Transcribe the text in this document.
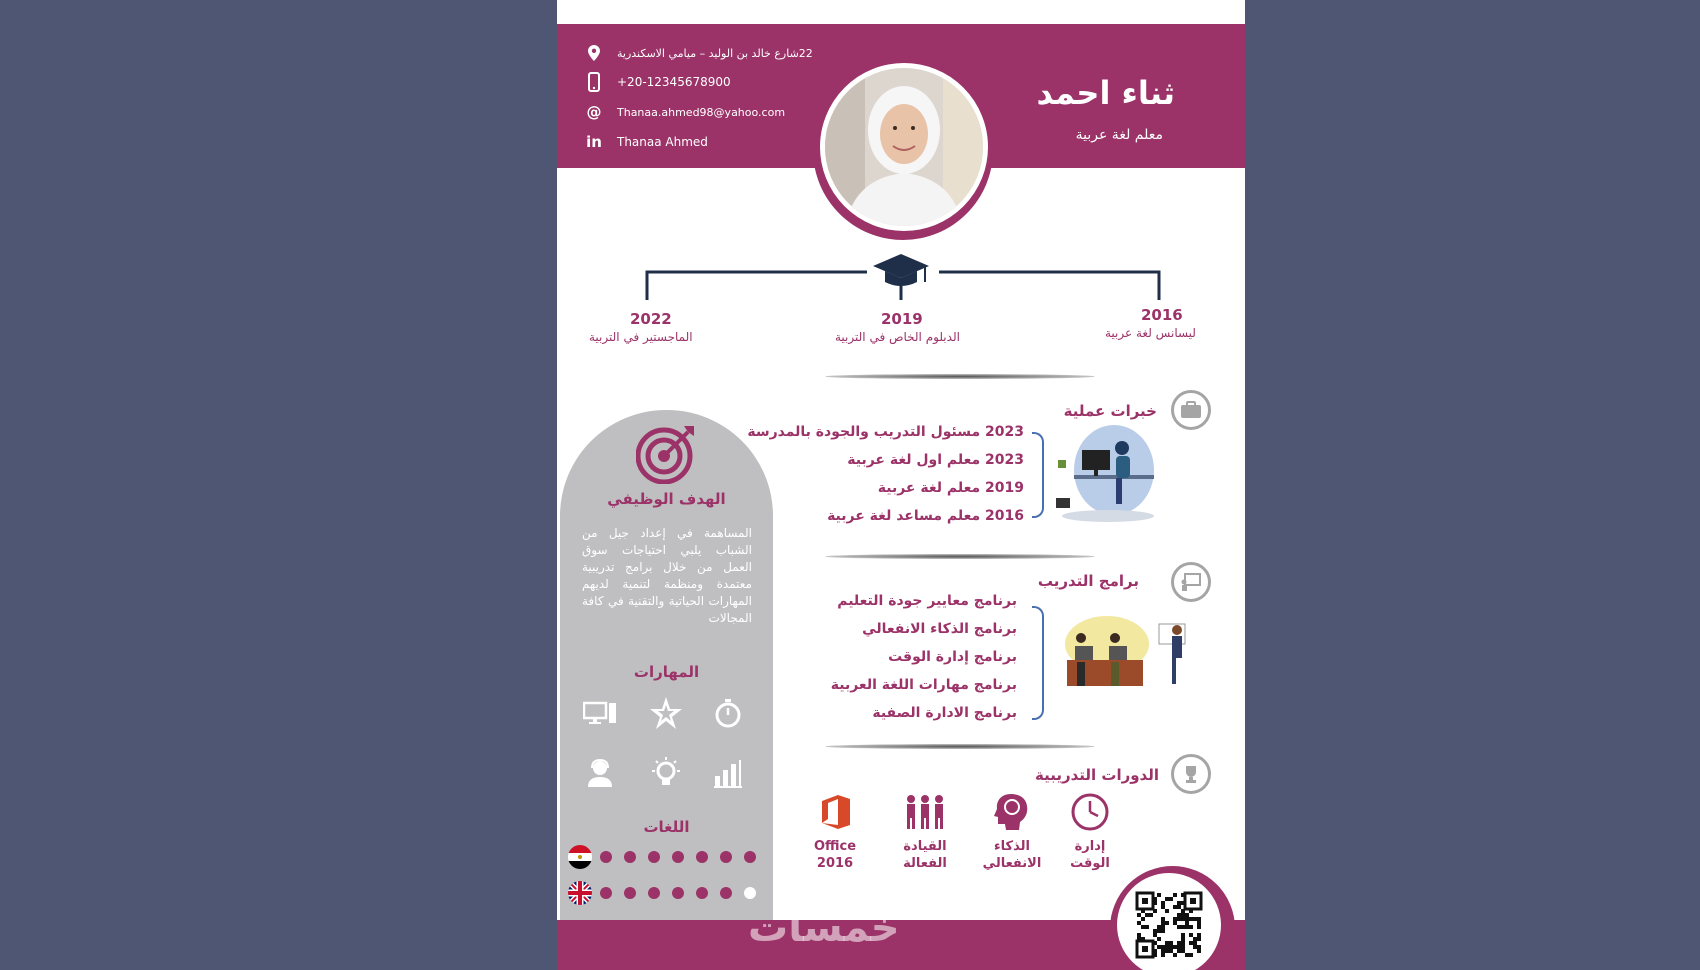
22شارع خالد بن الوليد – ميامي الاسكندرية
+20-12345678900
@	Thanaa.ahmed98@yahoo.com
in Thanaa Ahmed
ثناء احمد
معلم لغة عربية
2022
الماجستير في التربية
2019
الدبلوم الخاص في التربية
2016
ليسانس لغة عربية
خبرات عملية
2023 مسئول التدريب والجودة بالمدرسة
2023 معلم اول لغة عربية
2019 معلم لغة عربية
2016 معلم مساعد لغة عربية
برامج التدريب
برنامج معايير جودة التعليم
برنامج الذكاء الانفعالي
برنامج إدارة الوقت
برنامج مهارات اللغة العربية
برنامج الادارة الصفية
الدورات التدريبية
Office
2016
القيادة
الفعالة
الذكاء
الانفعالي
إدارة
الوقت
الهدف الوظيفي
المساهمة في إعداد جيل من الشباب يلبي احتياجات سوق العمل من خلال برامج تدريبية معتمدة ومنظمة لتنمية لديهم المهارات الحياتية والتقنية في كافة المجالات
المهارات
اللغات
خمسات
